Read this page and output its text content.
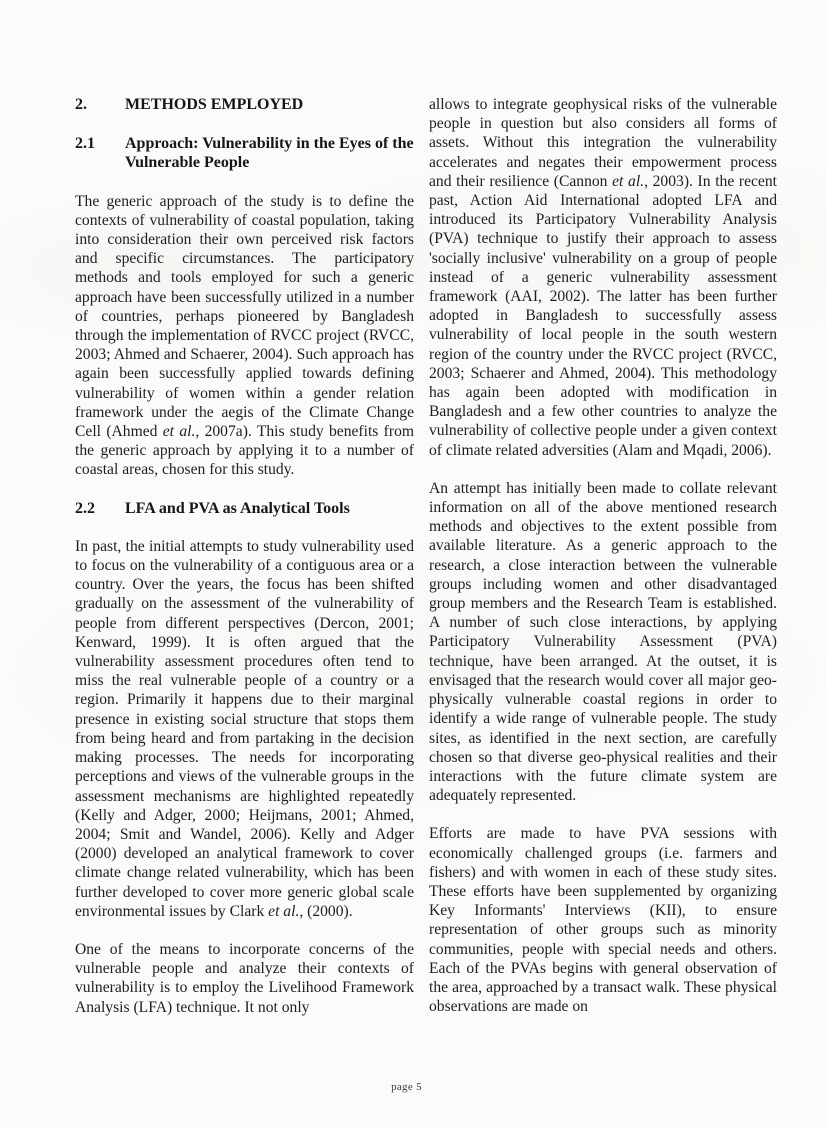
2.	METHODS EMPLOYED
2.1	Approach: Vulnerability in the Eyes of the Vulnerable People

The generic approach of the study is to define the contexts of vulnerability of coastal population, taking into consideration their own perceived risk factors and specific circumstances. The participatory methods and tools employed for such a generic approach have been successfully utilized in a number of countries, perhaps pioneered by Bangladesh through the implementation of RVCC project (RVCC, 2003; Ahmed and Schaerer, 2004). Such approach has again been successfully applied towards defining vulnerability of women within a gender relation framework under the aegis of the Climate Change Cell (Ahmed et al., 2007a). This study benefits from the generic approach by applying it to a number of coastal areas, chosen for this study.

2.2	LFA and PVA as Analytical Tools

In past, the initial attempts to study vulnerability used to focus on the vulnerability of a contiguous area or a country. Over the years, the focus has been shifted gradually on the assessment of the vulnerability of people from different perspectives (Dercon, 2001; Kenward, 1999). It is often argued that the vulnerability assessment procedures often tend to miss the real vulnerable people of a country or a region. Primarily it happens due to their marginal presence in existing social structure that stops them from being heard and from partaking in the decision making processes. The needs for incorporating perceptions and views of the vulnerable groups in the assessment mechanisms are highlighted repeatedly (Kelly and Adger, 2000; Heijmans, 2001; Ahmed, 2004; Smit and Wandel, 2006). Kelly and Adger (2000) developed an analytical framework to cover climate change related vulnerability, which has been further developed to cover more generic global scale environmental issues by Clark et al., (2000).

One of the means to incorporate concerns of the vulnerable people and analyze their contexts of vulnerability is to employ the Livelihood Framework Analysis (LFA) technique. It not only

allows to integrate geophysical risks of the vulnerable people in question but also considers all forms of assets. Without this integration the vulnerability accelerates and negates their empowerment process and their resilience (Cannon et al., 2003). In the recent past, Action Aid International adopted LFA and introduced its Participatory Vulnerability Analysis (PVA) technique to justify their approach to assess 'socially inclusive' vulnerability on a group of people instead of a generic vulnerability assessment framework (AAI, 2002). The latter has been further adopted in Bangladesh to successfully assess vulnerability of local people in the south western region of the country under the RVCC project (RVCC, 2003; Schaerer and Ahmed, 2004). This methodology has again been adopted with modification in Bangladesh and a few other countries to analyze the vulnerability of collective people under a given context of climate related adversities (Alam and Mqadi, 2006).

An attempt has initially been made to collate relevant information on all of the above mentioned research methods and objectives to the extent possible from available literature. As a generic approach to the research, a close interaction between the vulnerable groups including women and other disadvantaged group members and the Research Team is established. A number of such close interactions, by applying Participatory Vulnerability Assessment (PVA) technique, have been arranged. At the outset, it is envisaged that the research would cover all major geo-physically vulnerable coastal regions in order to identify a wide range of vulnerable people. The study sites, as identified in the next section, are carefully chosen so that diverse geo-physical realities and their interactions with the future climate system are adequately represented.

Efforts are made to have PVA sessions with economically challenged groups (i.e. farmers and fishers) and with women in each of these study sites. These efforts have been supplemented by organizing Key Informants' Interviews (KII), to ensure representation of other groups such as minority communities, people with special needs and others. Each of the PVAs begins with general observation of the area, approached by a transact walk. These physical observations are made on

page 5
